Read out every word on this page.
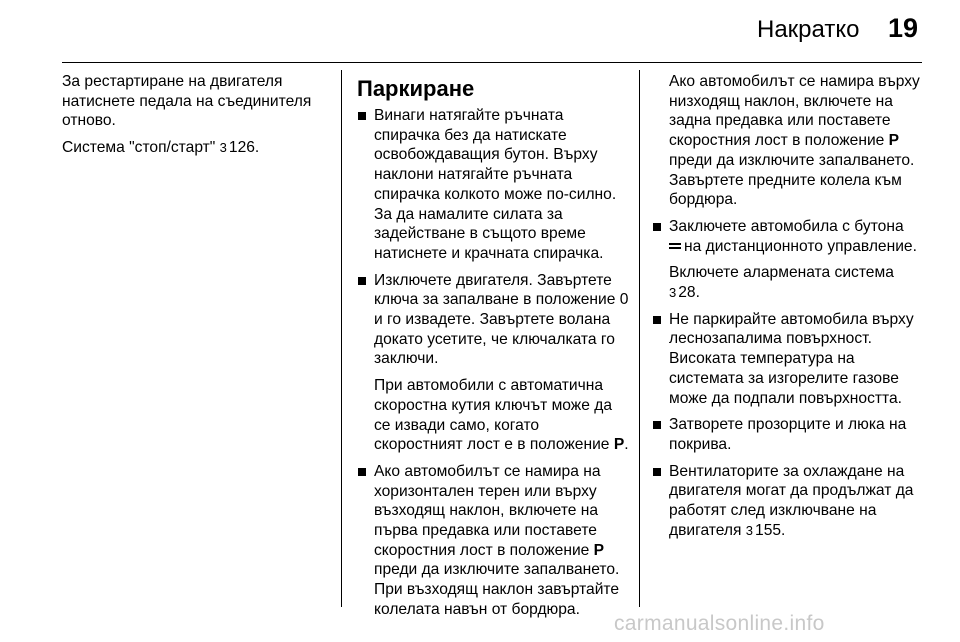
Накратко 19

За рестартиране на двигателя натиснете педала на съединителя отново.

Система "стоп/старт" 3 126.

Паркиране

Винаги натягайте ръчната спирачка без да натискате освобождаващия бутон. Върху наклони натягайте ръчната спирачка колкото може по-силно. За да намалите силата за задействане в същото време натиснете и крачната спирачка.

Изключете двигателя. Завъртете ключа за запалване в положение 0 и го извадете. Завъртете волана докато усетите, че ключалката го заключи.

При автомобили с автоматична скоростна кутия ключът може да се извади само, когато скоростният лост е в положение P.

Ако автомобилът се намира на хоризонтален терен или върху възходящ наклон, включете на първа предавка или поставете скоростния лост в положение P преди да изключите запалването. При възходящ наклон завъртайте колелата навън от бордюра.

Ако автомобилът се намира върху низходящ наклон, включете на задна предавка или поставете скоростния лост в положение P преди да изключите запалването. Завъртете предните колела към бордюра.

Заключете автомобила с бутона

на дистанционното управление.

Включете алармената система
3 28.

Не паркирайте автомобила върху леснозапалима повърхност. Високата температура на системата за изгорелите газове може да подпали повърхността.

Затворете прозорците и люка на покрива.

Вентилаторите за охлаждане на двигателя могат да продължат да работят след изключване на двигателя 3 155.

carmanualsonline.info
